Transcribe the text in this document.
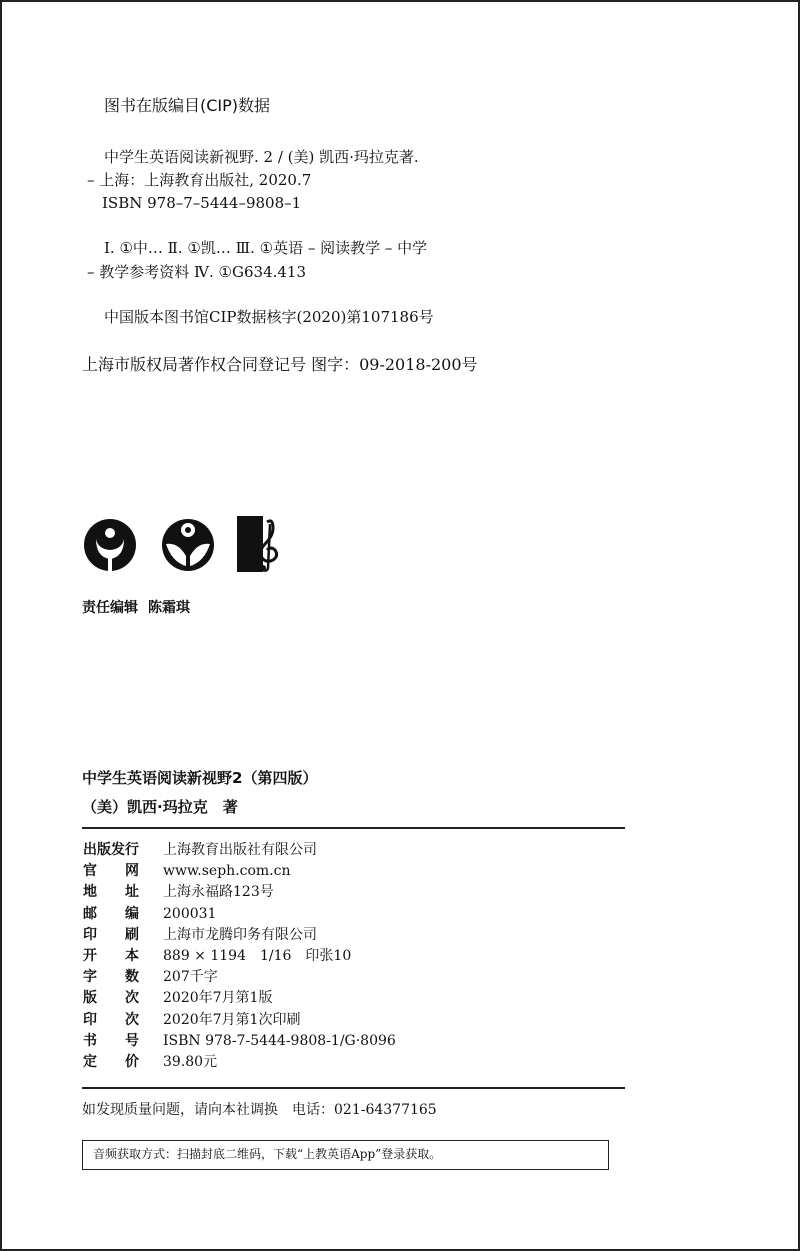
图书在版编目(CIP)数据
中学生英语阅读新视野. 2 / (美) 凯西·玛拉克著.
– 上海：上海教育出版社, 2020.7
ISBN 978–7–5444–9808–1
Ⅰ. ①中… Ⅱ. ①凯… Ⅲ. ①英语 – 阅读教学 – 中学
– 教学参考资料 Ⅳ. ①G634.413
中国版本图书馆CIP数据核字(2020)第107186号
上海市版权局著作权合同登记号 图字：09-2018-200号
责任编辑 陈霜琪
中学生英语阅读新视野2（第四版）
（美）凯西·玛拉克　著
出版发行	上海教育出版社有限公司
官　　网	www.seph.com.cn
地　　址	上海永福路123号
邮　　编	200031
印　　刷	上海市龙腾印务有限公司
开　　本	889 × 1194　1/16　印张10
字　　数	207千字
版　　次	2020年7月第1版
印　　次	2020年7月第1次印刷
书　　号	ISBN 978-7-5444-9808-1/G·8096
定　　价	39.80元
如发现质量问题，请向本社调换　电话：021-64377165
音频获取方式：扫描封底二维码，下载“上教英语App”登录获取。
